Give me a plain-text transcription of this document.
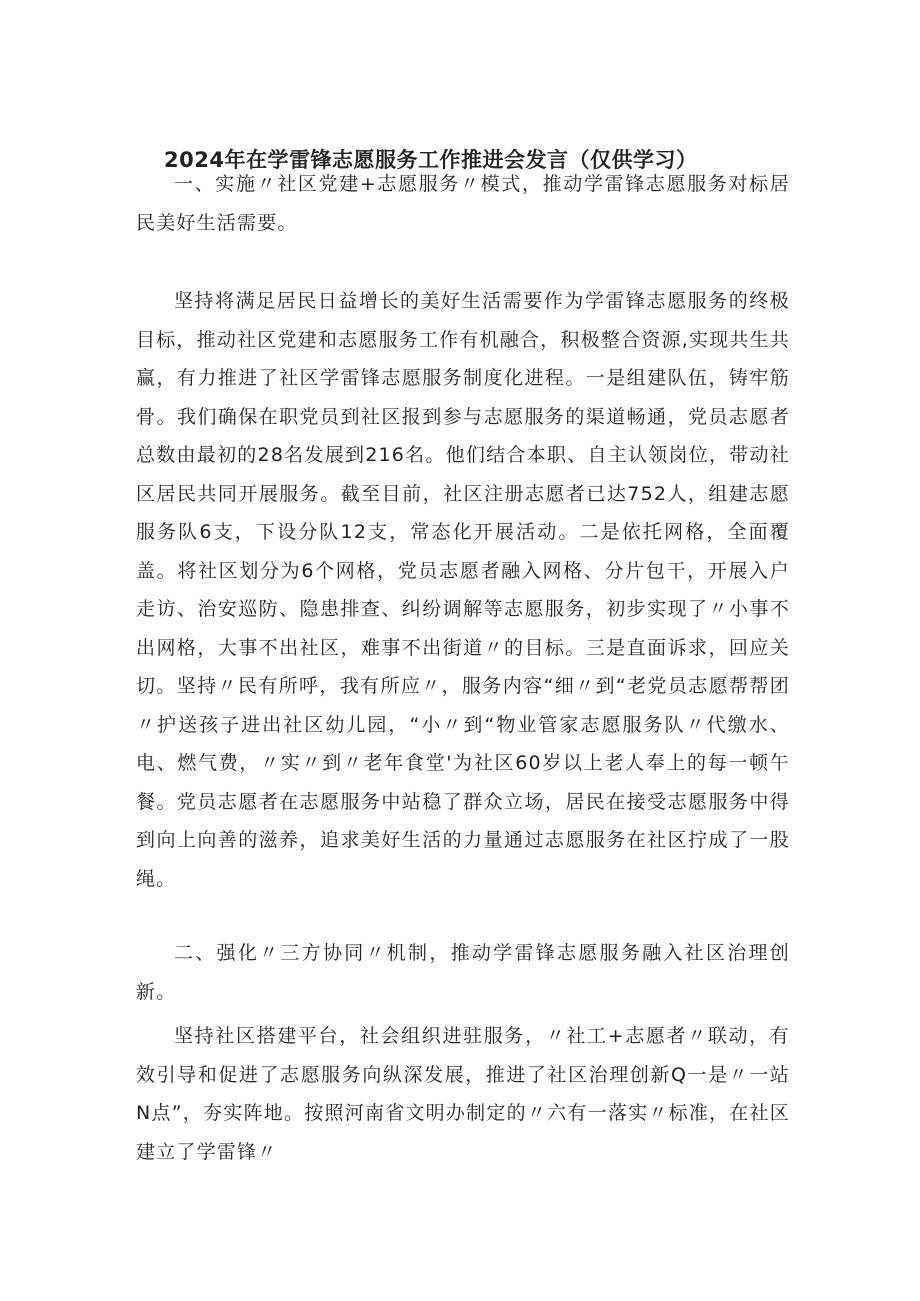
2024年在学雷锋志愿服务工作推进会发言（仅供学习）

一、实施〃社区党建+志愿服务〃模式，推动学雷锋志愿服务对标居民美好生活需要。

坚持将满足居民日益增长的美好生活需要作为学雷锋志愿服务的终极目标，推动社区党建和志愿服务工作有机融合，积极整合资源,实现共生共赢，有力推进了社区学雷锋志愿服务制度化进程。一是组建队伍，铸牢筋骨。我们确保在职党员到社区报到参与志愿服务的渠道畅通，党员志愿者总数由最初的28名发展到216名。他们结合本职、自主认领岗位，带动社区居民共同开展服务。截至目前，社区注册志愿者已达752人，组建志愿服务队6支，下设分队12支，常态化开展活动。二是依托网格，全面覆盖。将社区划分为6个网格，党员志愿者融入网格、分片包干，开展入户走访、治安巡防、隐患排查、纠纷调解等志愿服务，初步实现了〃小事不出网格，大事不出社区，难事不出街道〃的目标。三是直面诉求，回应关切。坚持〃民有所呼，我有所应〃，服务内容“细〃到“老党员志愿帮帮团〃护送孩子进出社区幼儿园，“小〃到“物业管家志愿服务队〃代缴水、电、燃气费，〃实〃到〃老年食堂'为社区60岁以上老人奉上的每一顿午餐。党员志愿者在志愿服务中站稳了群众立场，居民在接受志愿服务中得到向上向善的滋养，追求美好生活的力量通过志愿服务在社区拧成了一股绳。

二、强化〃三方协同〃机制，推动学雷锋志愿服务融入社区治理创新。

坚持社区搭建平台，社会组织进驻服务，〃社工+志愿者〃联动，有效引导和促进了志愿服务向纵深发展，推进了社区治理创新Q一是〃一站N点”，夯实阵地。按照河南省文明办制定的〃六有一落实〃标准，在社区建立了学雷锋〃
